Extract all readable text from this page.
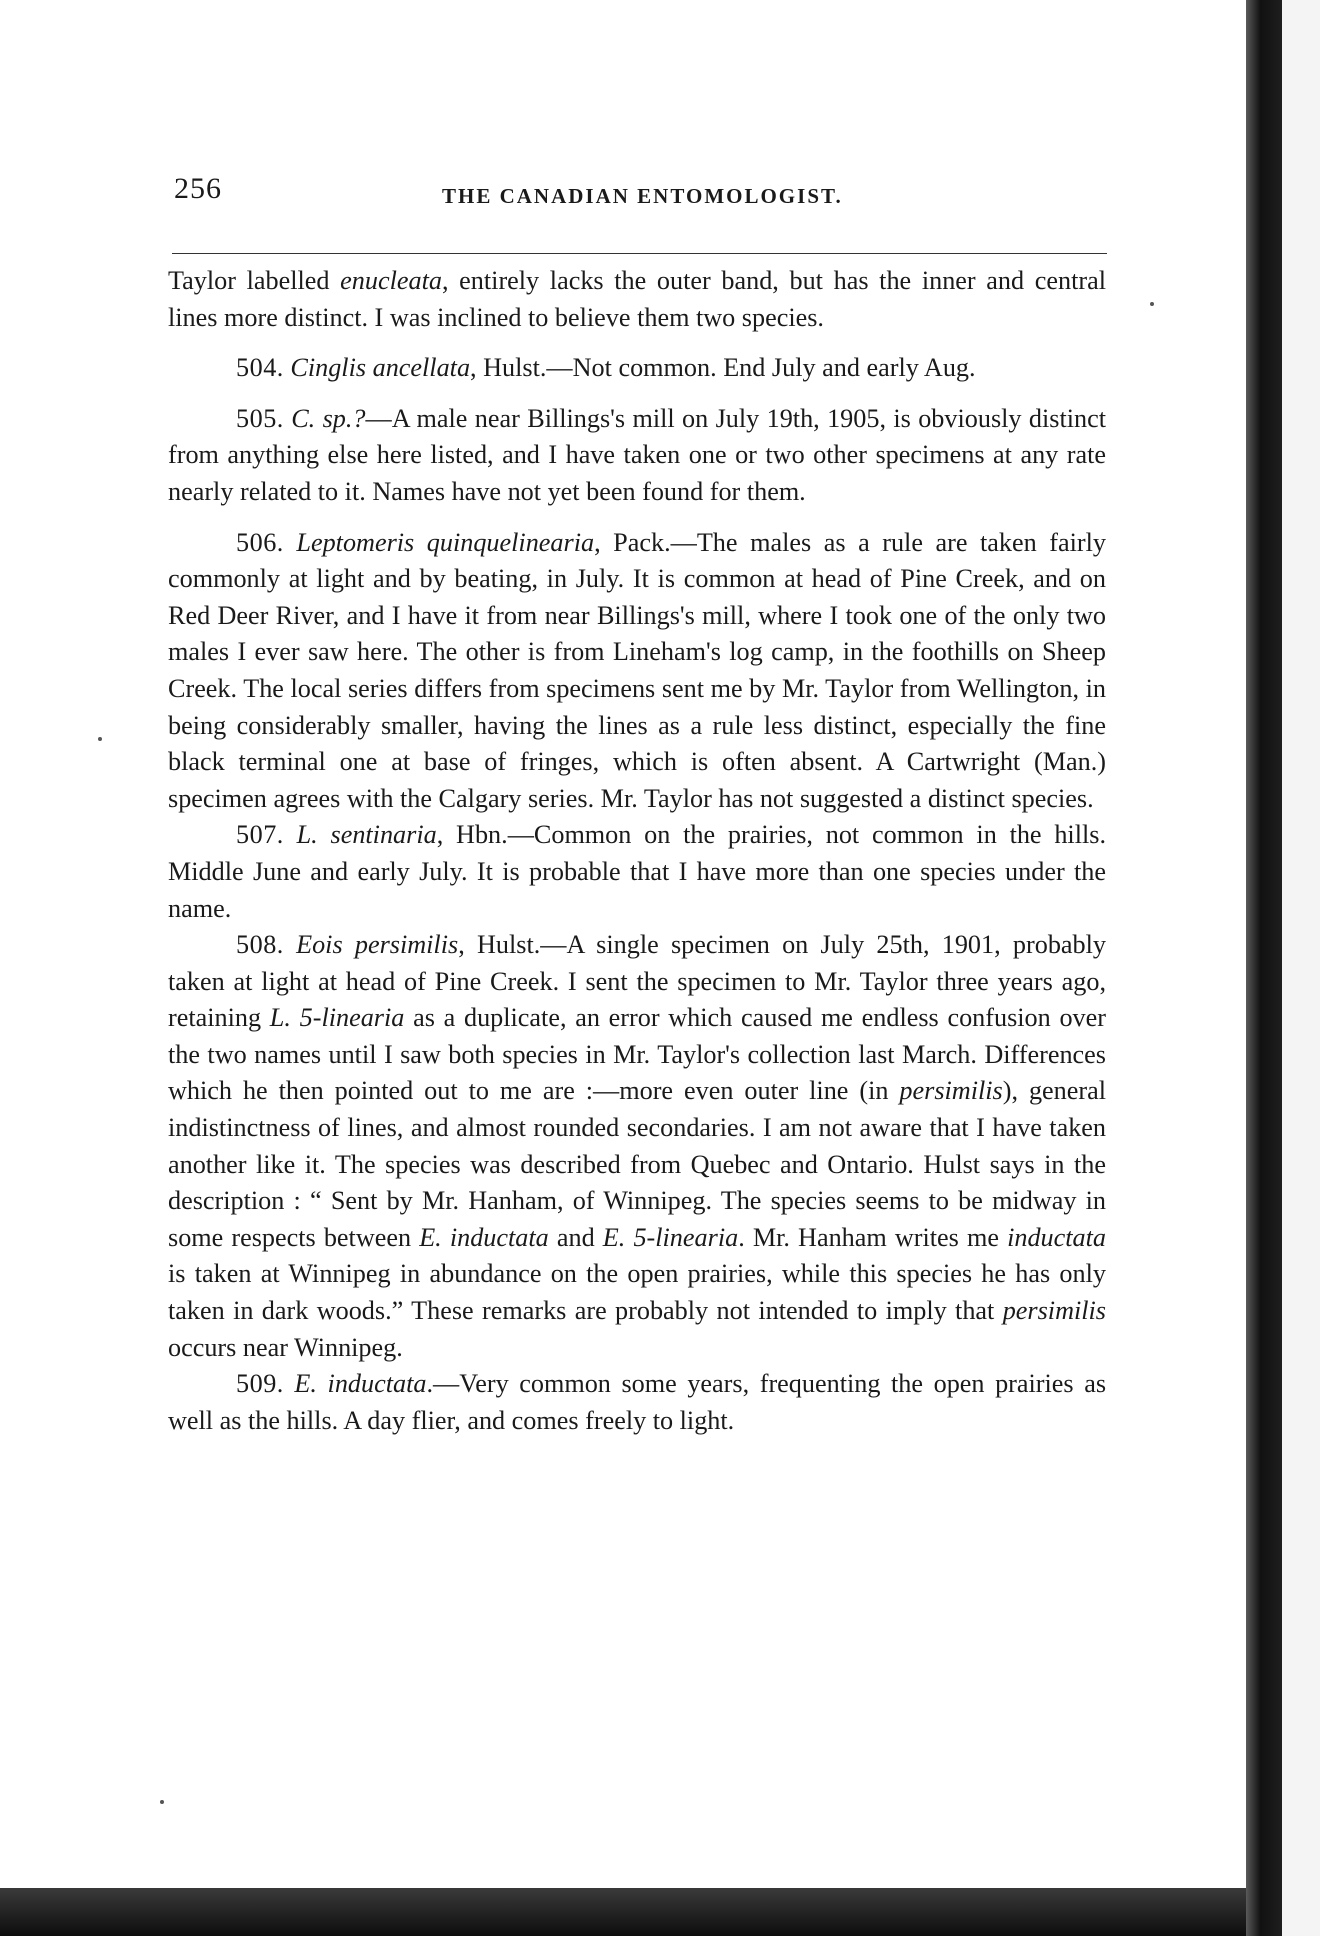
256	THE CANADIAN ENTOMOLOGIST.

Taylor labelled enucleata, entirely lacks the outer band, but has the inner and central lines more distinct. I was inclined to believe them two species.

504. Cinglis ancellata, Hulst.—Not common. End July and early Aug.

505. C. sp.?—A male near Billings's mill on July 19th, 1905, is obviously distinct from anything else here listed, and I have taken one or two other specimens at any rate nearly related to it. Names have not yet been found for them.

506. Leptomeris quinquelinearia, Pack.—The males as a rule are taken fairly commonly at light and by beating, in July. It is common at head of Pine Creek, and on Red Deer River, and I have it from near Billings's mill, where I took one of the only two males I ever saw here. The other is from Lineham's log camp, in the foothills on Sheep Creek. The local series differs from specimens sent me by Mr. Taylor from Wellington, in being considerably smaller, having the lines as a rule less distinct, especially the fine black terminal one at base of fringes, which is often absent. A Cartwright (Man.) specimen agrees with the Calgary series. Mr. Taylor has not suggested a distinct species.

507. L. sentinaria, Hbn.—Common on the prairies, not common in the hills. Middle June and early July. It is probable that I have more than one species under the name.

508. Eois persimilis, Hulst.—A single specimen on July 25th, 1901, probably taken at light at head of Pine Creek. I sent the specimen to Mr. Taylor three years ago, retaining L. 5-linearia as a duplicate, an error which caused me endless confusion over the two names until I saw both species in Mr. Taylor's collection last March. Differences which he then pointed out to me are :—more even outer line (in persimilis), general indistinctness of lines, and almost rounded secondaries. I am not aware that I have taken another like it. The species was described from Quebec and Ontario. Hulst says in the description : “ Sent by Mr. Hanham, of Winnipeg. The species seems to be midway in some respects between E. inductata and E. 5-linearia. Mr. Hanham writes me inductata is taken at Winnipeg in abundance on the open prairies, while this species he has only taken in dark woods.” These remarks are probably not intended to imply that persimilis occurs near Winnipeg.

509. E. inductata.—Very common some years, frequenting the open prairies as well as the hills. A day flier, and comes freely to light.
